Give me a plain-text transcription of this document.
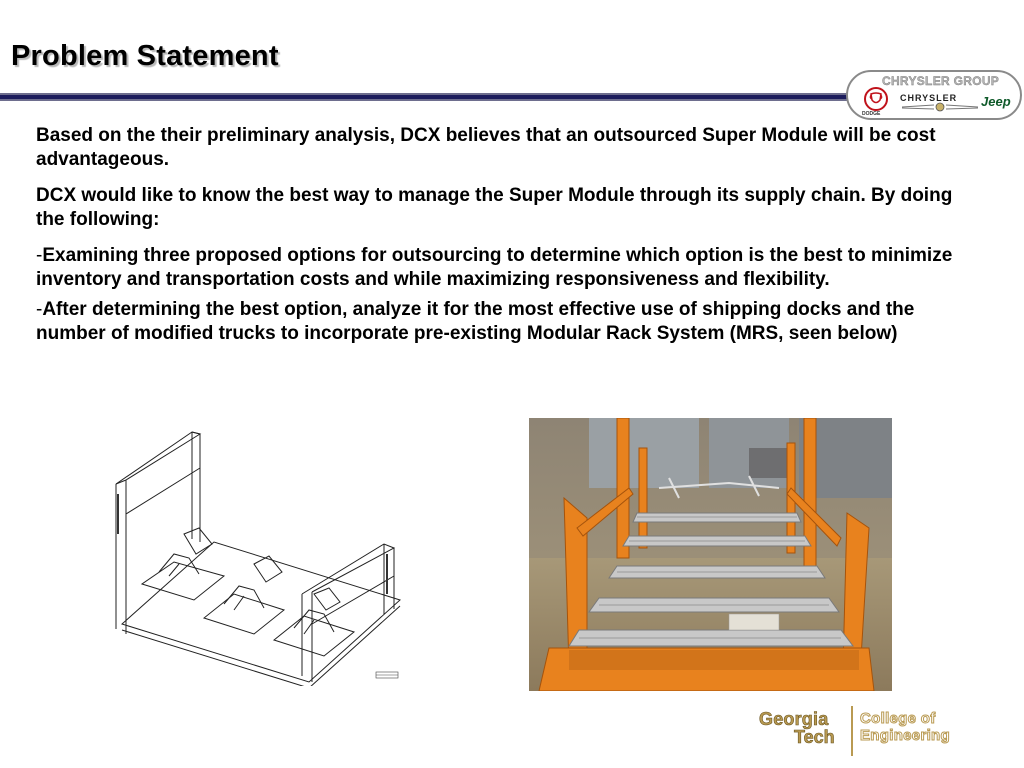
Problem Statement
CHRYSLER GROUP
DODGE
CHRYSLER Jeep

Based on the their preliminary analysis, DCX believes that an outsourced Super Module will be cost advantageous.

DCX would like to know the best way to manage the Super Module through its supply chain. By doing the following:

-Examining three proposed options for outsourcing to determine which option is the best to minimize inventory and transportation costs and while maximizing responsiveness and flexibility.

-After determining the best option, analyze it for the most effective use of shipping docks and the number of modified trucks to incorporate pre-existing Modular Rack System (MRS, seen below)

Georgia
Tech
College of
Engineering
